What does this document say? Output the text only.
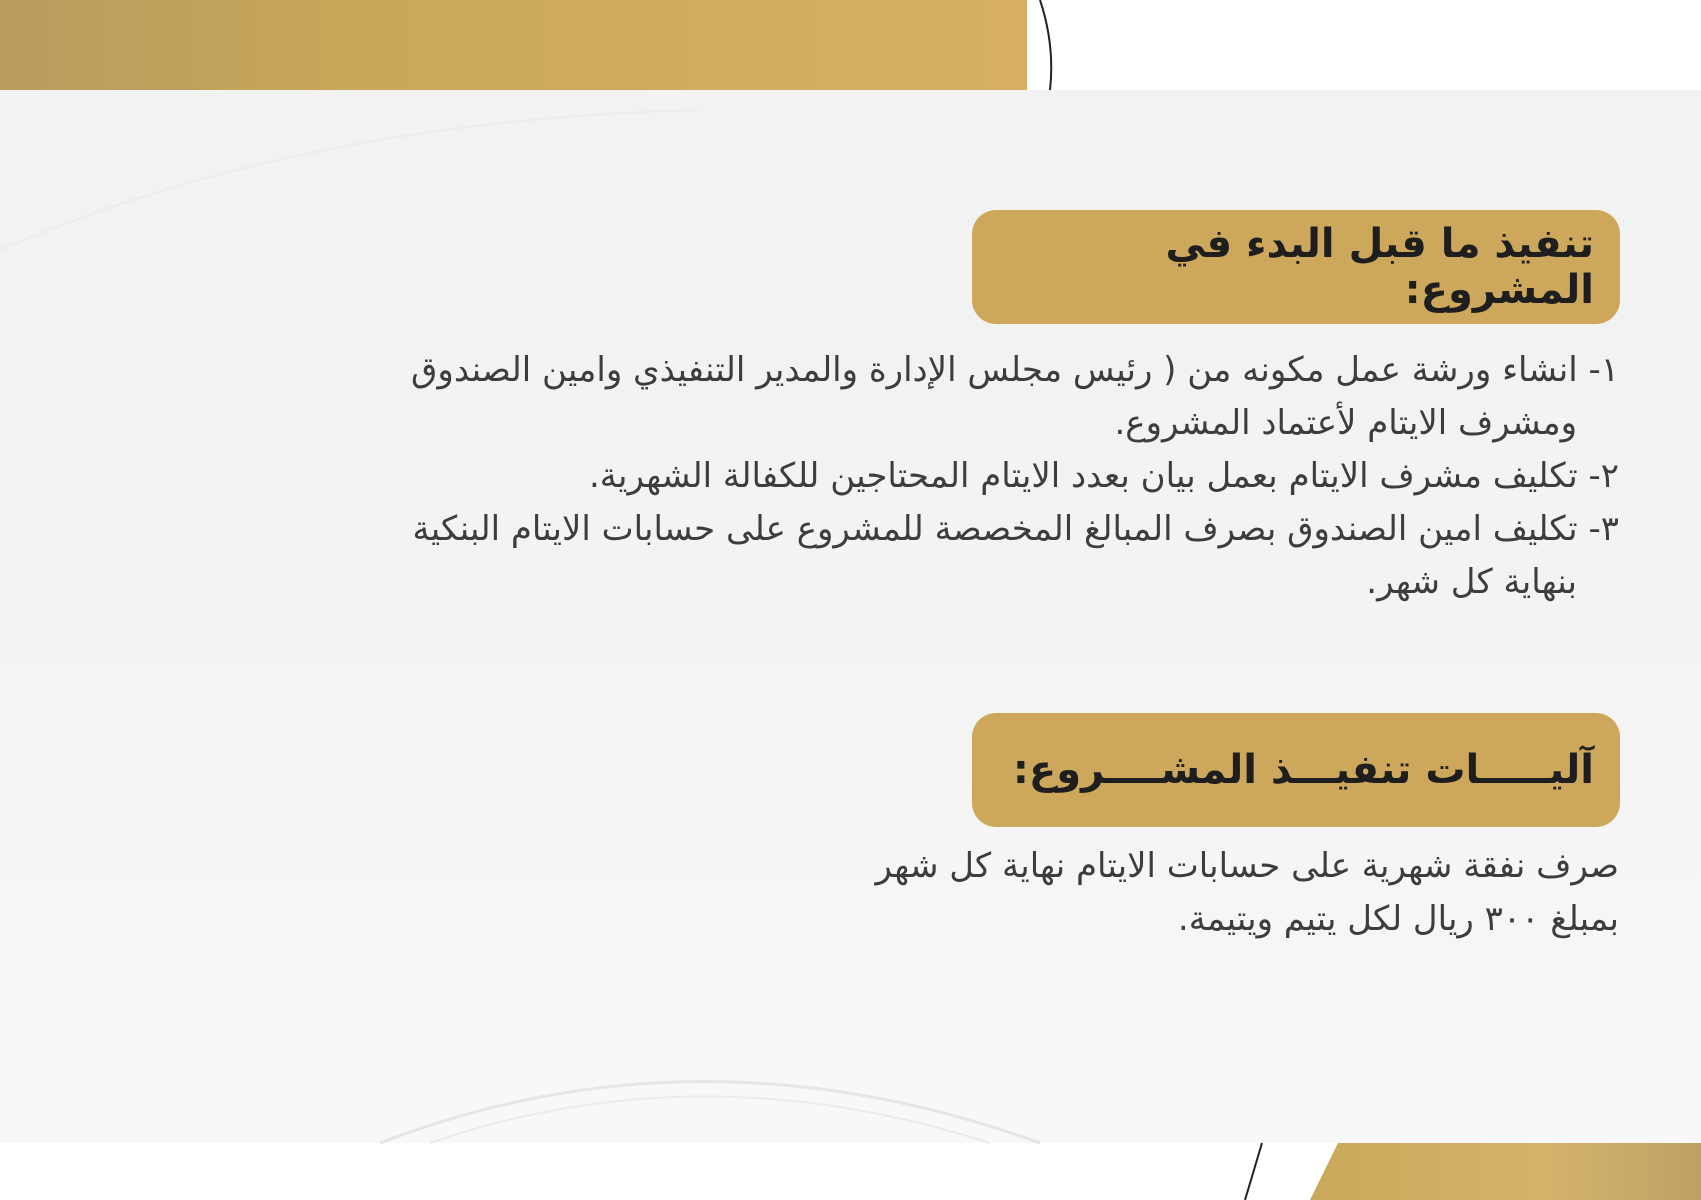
تنفيذ ما قبل البدء في المشروع:
١- انشاء ورشة عمل مكونه من ( رئيس مجلس الإدارة والمدير التنفيذي وامين الصندوق
ومشرف الايتام لأعتماد المشروع.
٢- تكليف مشرف الايتام بعمل بيان بعدد الايتام المحتاجين للكفالة الشهرية.
٣- تكليف امين الصندوق بصرف المبالغ المخصصة للمشروع على حسابات الايتام البنكية
بنهاية كل شهر.
آليـــــات تنفيـــذ المشــــروع:
صرف نفقة شهرية على حسابات الايتام نهاية كل شهر
بمبلغ ٣٠٠ ريال لكل يتيم ويتيمة.
